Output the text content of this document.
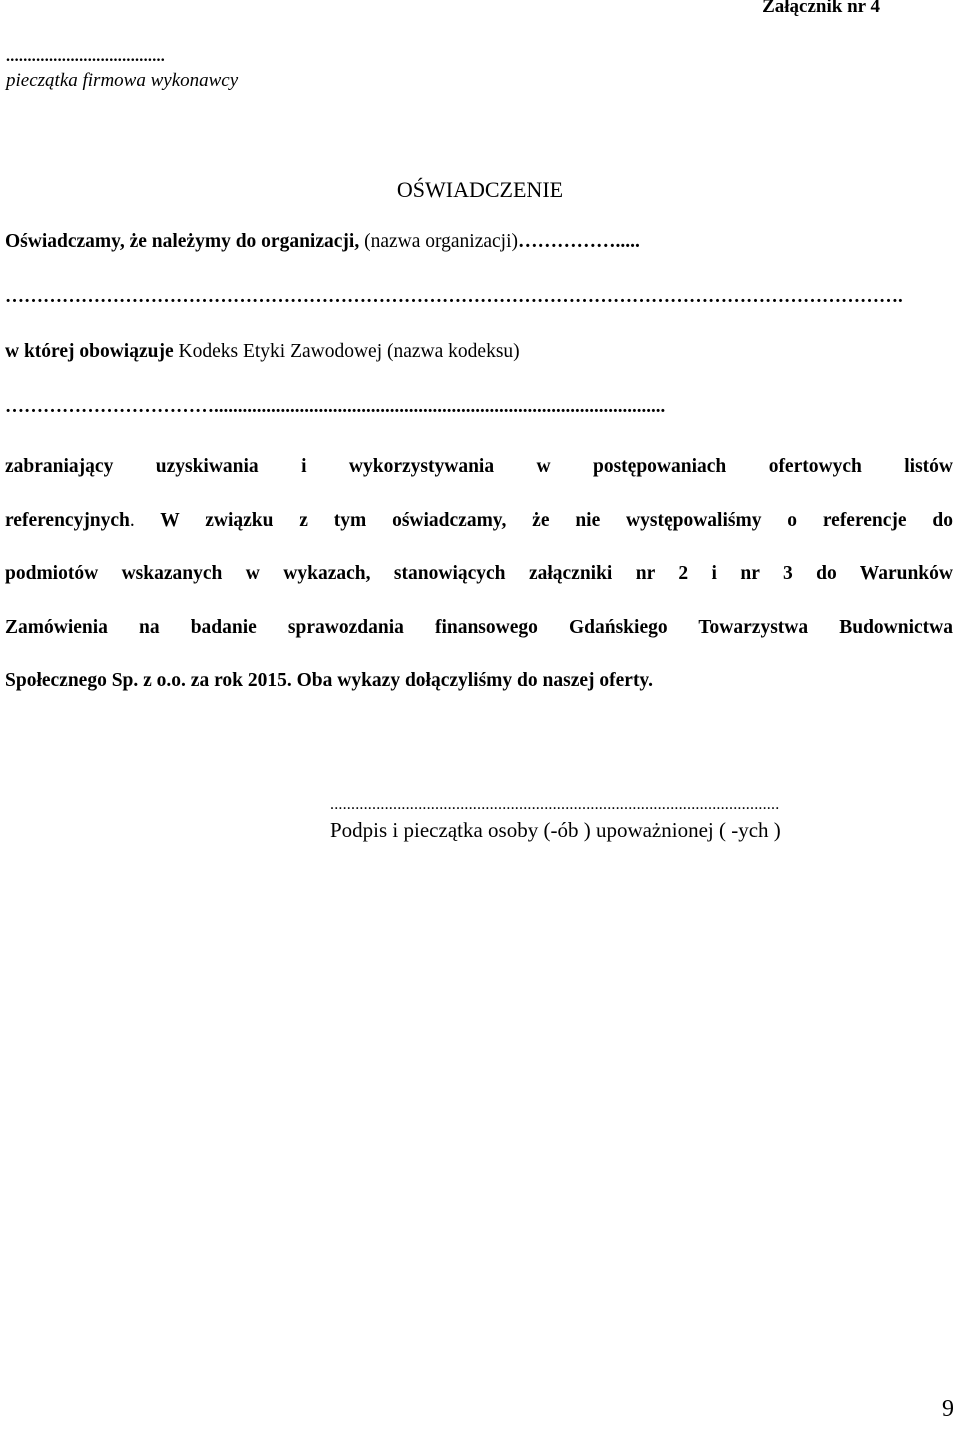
Załącznik nr 4
.....................................
pieczątka firmowa wykonawcy
OŚWIADCZENIE
Oświadczamy, że należymy do organizacji, (nazwa organizacji)…………….....
…………………………………………………………………………………………………………………………….
w której obowiązuje Kodeks Etyki Zawodowej (nazwa kodeksu)
……………………………...............................................................................................
zabraniający uzyskiwania i wykorzystywania w postępowaniach ofertowych listów
referencyjnych. W związku z tym oświadczamy, że nie występowaliśmy o referencje do
podmiotów wskazanych w wykazach, stanowiących załączniki nr 2 i nr 3 do Warunków
Zamówienia na badanie sprawozdania finansowego Gdańskiego Towarzystwa Budownictwa
Społecznego Sp. z o.o. za rok 2015. Oba wykazy dołączyliśmy do naszej oferty.
...........................................................................................................
Podpis i pieczątka osoby (-ób ) upoważnionej ( -ych )
9
